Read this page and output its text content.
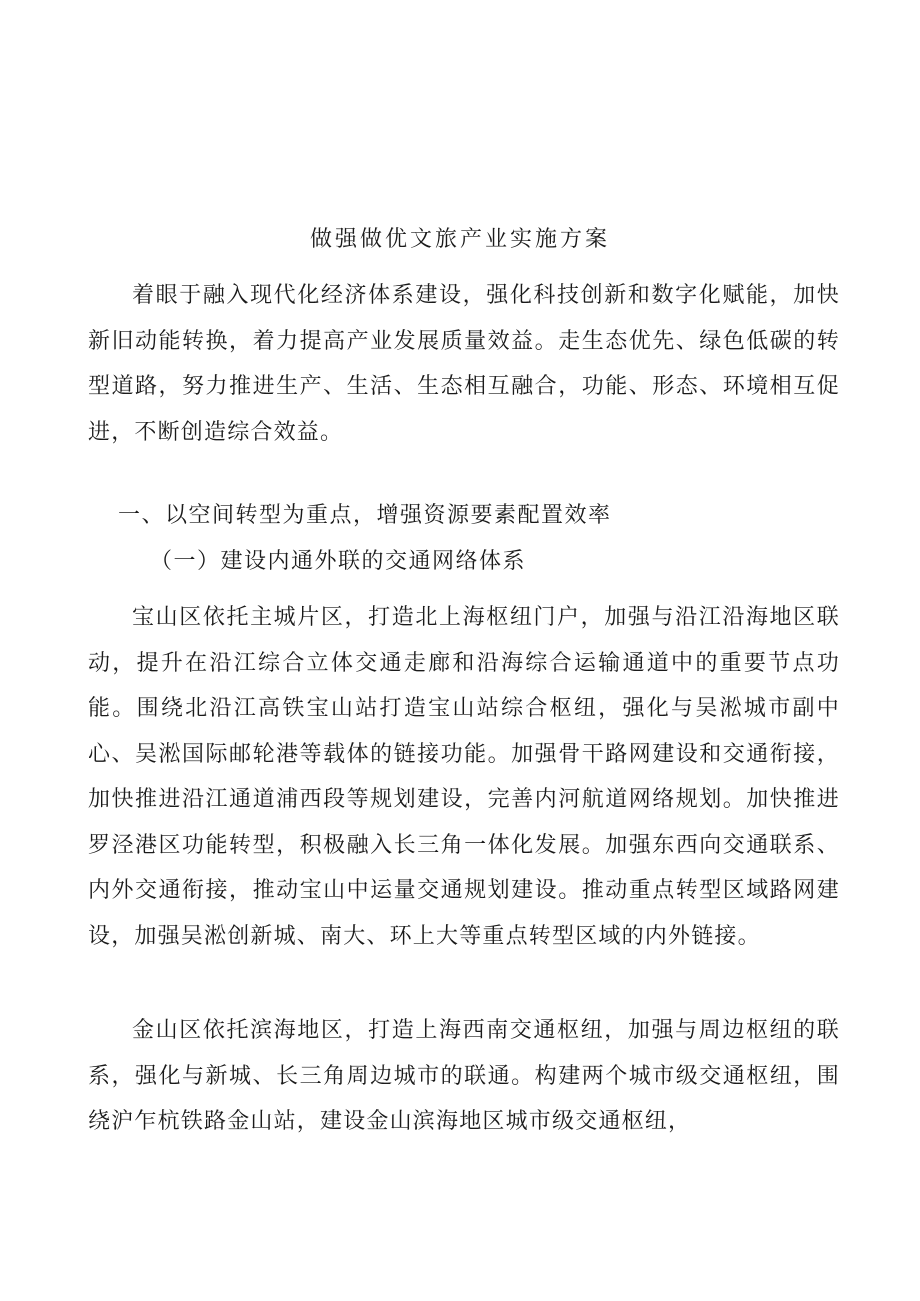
做强做优文旅产业实施方案
着眼于融入现代化经济体系建设，强化科技创新和数字化赋能，加快新旧动能转换，着力提高产业发展质量效益。走生态优先、绿色低碳的转型道路，努力推进生产、生活、生态相互融合，功能、形态、环境相互促进，不断创造综合效益。
一、以空间转型为重点，增强资源要素配置效率
（一）建设内通外联的交通网络体系
宝山区依托主城片区，打造北上海枢纽门户，加强与沿江沿海地区联动，提升在沿江综合立体交通走廊和沿海综合运输通道中的重要节点功能。围绕北沿江高铁宝山站打造宝山站综合枢纽，强化与吴淞城市副中心、吴淞国际邮轮港等载体的链接功能。加强骨干路网建设和交通衔接，加快推进沿江通道浦西段等规划建设，完善内河航道网络规划。加快推进罗泾港区功能转型，积极融入长三角一体化发展。加强东西向交通联系、内外交通衔接，推动宝山中运量交通规划建设。推动重点转型区域路网建设，加强吴淞创新城、南大、环上大等重点转型区域的内外链接。
金山区依托滨海地区，打造上海西南交通枢纽，加强与周边枢纽的联系，强化与新城、长三角周边城市的联通。构建两个城市级交通枢纽，围绕沪乍杭铁路金山站，建设金山滨海地区城市级交通枢纽，
